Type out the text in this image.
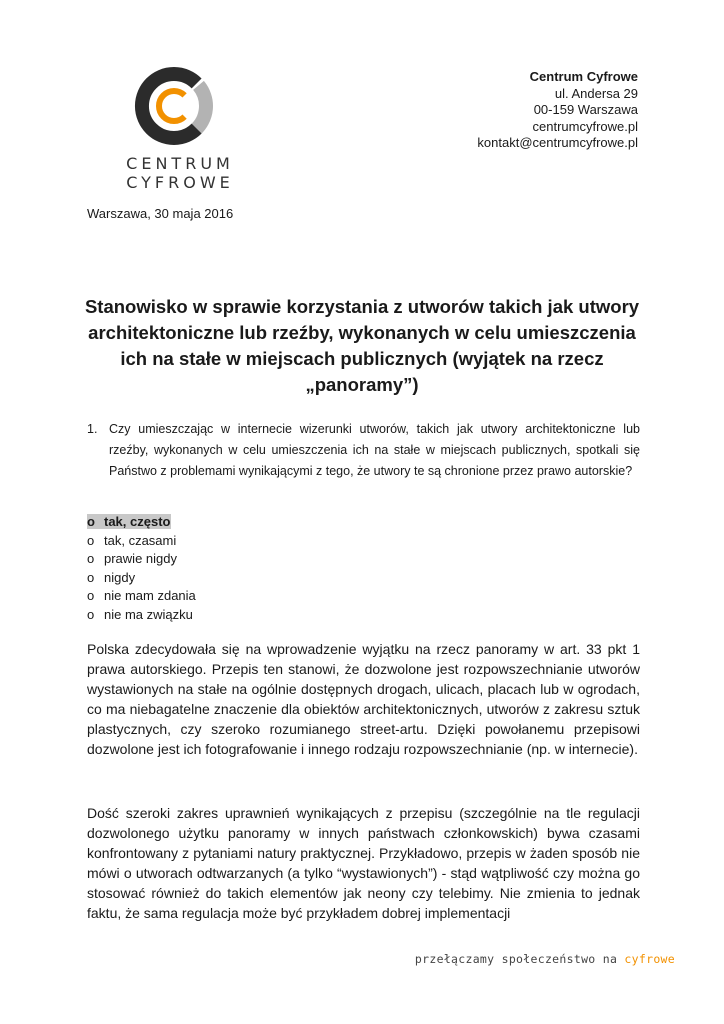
CENTRUM
CYFROWE
Centrum Cyfrowe
ul. Andersa 29
00-159 Warszawa
centrumcyfrowe.pl
kontakt@centrumcyfrowe.pl
Warszawa, 30 maja 2016
Stanowisko w sprawie korzystania z utworów takich jak utwory architektoniczne lub rzeźby, wykonanych w celu umieszczenia ich na stałe w miejscach publicznych (wyjątek na rzecz „panoramy”)
1. Czy umieszczając w internecie wizerunki utworów, takich jak utwory architektoniczne lub rzeźby, wykonanych w celu umieszczenia ich na stałe w miejscach publicznych, spotkali się Państwo z problemami wynikającymi z tego, że utwory te są chronione przez prawo autorskie?
o tak, często
o tak, czasami
o prawie nigdy
o nigdy
o nie mam zdania
o nie ma związku

Polska zdecydowała się na wprowadzenie wyjątku na rzecz panoramy w art. 33 pkt 1 prawa autorskiego. Przepis ten stanowi, że dozwolone jest rozpowszechnianie utworów wystawionych na stałe na ogólnie dostępnych drogach, ulicach, placach lub w ogrodach, co ma niebagatelne znaczenie dla obiektów architektonicznych, utworów z zakresu sztuk plastycznych, czy szeroko rozumianego street-artu. Dzięki powołanemu przepisowi dozwolone jest ich fotografowanie i innego rodzaju rozpowszechnianie (np. w internecie).

Dość szeroki zakres uprawnień wynikających z przepisu (szczególnie na tle regulacji dozwolonego użytku panoramy w innych państwach członkowskich) bywa czasami konfrontowany z pytaniami natury praktycznej. Przykładowo, przepis w żaden sposób nie mówi o utworach odtwarzanych (a tylko “wystawionych”) - stąd wątpliwość czy można go stosować również do takich elementów jak neony czy telebimy. Nie zmienia to jednak faktu, że sama regulacja może być przykładem dobrej implementacji

przełączamy społeczeństwo na cyfrowe
